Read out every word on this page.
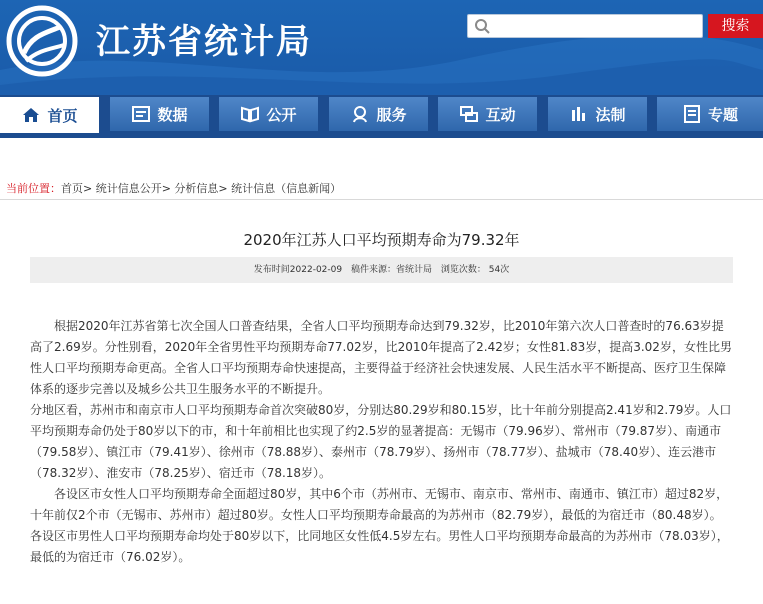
江苏省统计局	搜索
首页	数据	公开	服务	互动	法制	专题
当前位置：首页> 统计信息公开> 分析信息> 统计信息（信息新闻）
2020年江苏人口平均预期寿命为79.32年
发布时间2022-02-09 稿件来源：省统计局 浏览次数： 54次

根据2020年江苏省第七次全国人口普查结果，全省人口平均预期寿命达到79.32岁，比2010年第六次人口普查时的76.63岁提高了2.69岁。分性别看，2020年全省男性平均预期寿命77.02岁，比2010年提高了2.42岁；女性81.83岁，提高3.02岁，女性比男性人口平均预期寿命更高。全省人口平均预期寿命快速提高，主要得益于经济社会快速发展、人民生活水平不断提高、医疗卫生保障体系的逐步完善以及城乡公共卫生服务水平的不断提升。

分地区看，苏州市和南京市人口平均预期寿命首次突破80岁，分别达80.29岁和80.15岁，比十年前分别提高2.41岁和2.79岁。人口平均预期寿命仍处于80岁以下的市，和十年前相比也实现了约2.5岁的显著提高：无锡市（79.96岁）、常州市（79.87岁）、南通市（79.58岁）、镇江市（79.41岁）、徐州市（78.88岁）、泰州市（78.79岁）、扬州市（78.77岁）、盐城市（78.40岁）、连云港市（78.32岁）、淮安市（78.25岁）、宿迁市（78.18岁）。

各设区市女性人口平均预期寿命全面超过80岁，其中6个市（苏州市、无锡市、南京市、常州市、南通市、镇江市）超过82岁，十年前仅2个市（无锡市、苏州市）超过80岁。女性人口平均预期寿命最高的为苏州市（82.79岁），最低的为宿迁市（80.48岁）。各设区市男性人口平均预期寿命均处于80岁以下，比同地区女性低4.5岁左右。男性人口平均预期寿命最高的为苏州市（78.03岁），最低的为宿迁市（76.02岁）。
